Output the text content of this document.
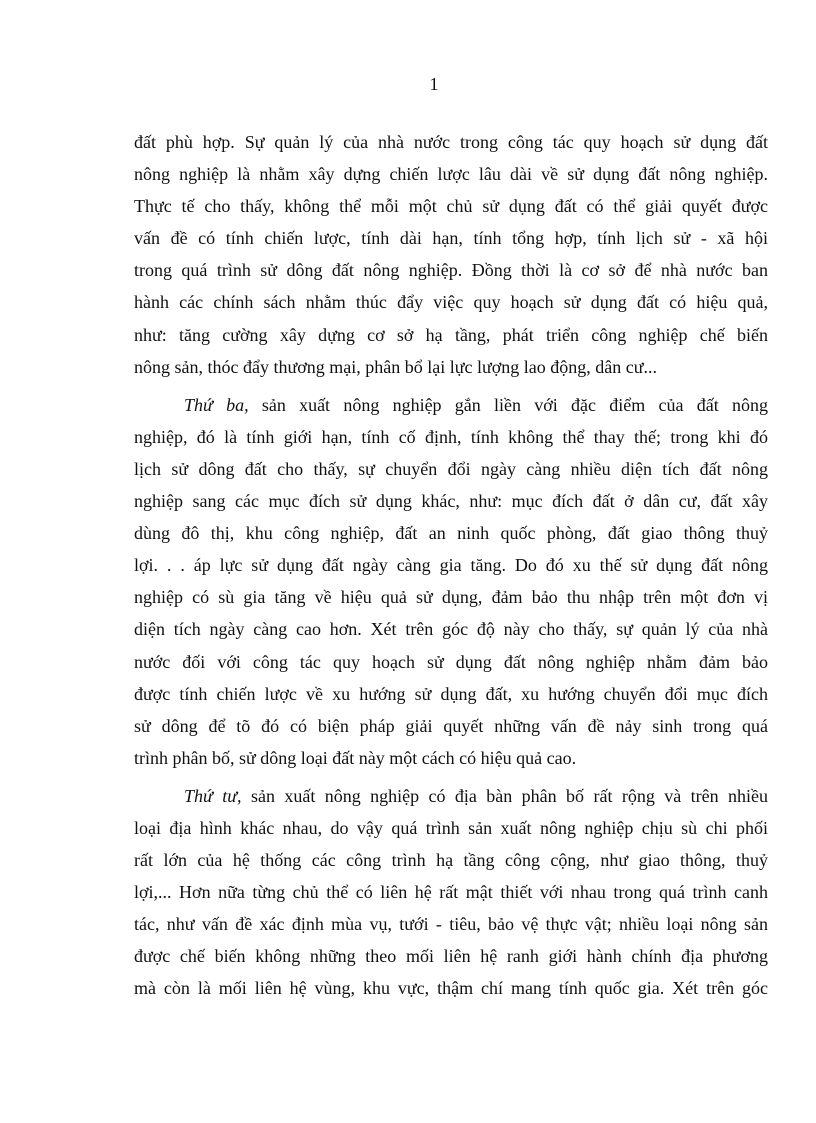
1

đất phù hợp. Sự quản lý của nhà nước trong công tác quy hoạch sử dụng đất
nông nghiệp là nhằm xây dựng chiến lược lâu dài về sử dụng đất nông nghiệp.
Thực tế cho thấy, không thể mỗi một chủ sử dụng đất có thể giải quyết được
vấn đề có tính chiến lược, tính dài hạn, tính tổng hợp, tính lịch sử - xã hội
trong quá trình sử dông đất nông nghiệp. Đồng thời là cơ sở để nhà nước ban
hành các chính sách nhằm thúc đẩy việc quy hoạch sử dụng đất có hiệu quả,
như: tăng cường xây dựng cơ sở hạ tầng, phát triển công nghiệp chế biến
nông sản, thóc đẩy thương mại, phân bổ lại lực lượng lao động, dân cư...

Thứ ba, sản xuất nông nghiệp gắn liền với đặc điểm của đất nông
nghiệp, đó là tính giới hạn, tính cố định, tính không thể thay thế; trong khi đó
lịch sử dông đất cho thấy, sự chuyển đổi ngày càng nhiều diện tích đất nông
nghiệp sang các mục đích sử dụng khác, như: mục đích đất ở dân cư, đất xây
dùng đô thị, khu công nghiệp, đất an ninh quốc phòng, đất giao thông thuỷ
lợi. . . áp lực sử dụng đất ngày càng gia tăng. Do đó xu thế sử dụng đất nông
nghiệp có sù gia tăng về hiệu quả sử dụng, đảm bảo thu nhập trên một đơn vị
diện tích ngày càng cao hơn. Xét trên góc độ này cho thấy, sự quản lý của nhà
nước đối với công tác quy hoạch sử dụng đất nông nghiệp nhằm đảm bảo
được tính chiến lược về xu hướng sử dụng đất, xu hướng chuyển đổi mục đích
sử dông để tõ đó có biện pháp giải quyết những vấn đề nảy sinh trong quá
trình phân bố, sử dông loại đất này một cách có hiệu quả cao.

Thứ tư, sản xuất nông nghiệp có địa bàn phân bố rất rộng và trên nhiều
loại địa hình khác nhau, do vậy quá trình sản xuất nông nghiệp chịu sù chi phối
rất lớn của hệ thống các công trình hạ tầng công cộng, như giao thông, thuỷ
lợi,... Hơn nữa từng chủ thể có liên hệ rất mật thiết với nhau trong quá trình canh
tác, như vấn đề xác định mùa vụ, tưới - tiêu, bảo vệ thực vật; nhiều loại nông sản
được chế biến không những theo mối liên hệ ranh giới hành chính địa phương
mà còn là mối liên hệ vùng, khu vực, thậm chí mang tính quốc gia. Xét trên góc
